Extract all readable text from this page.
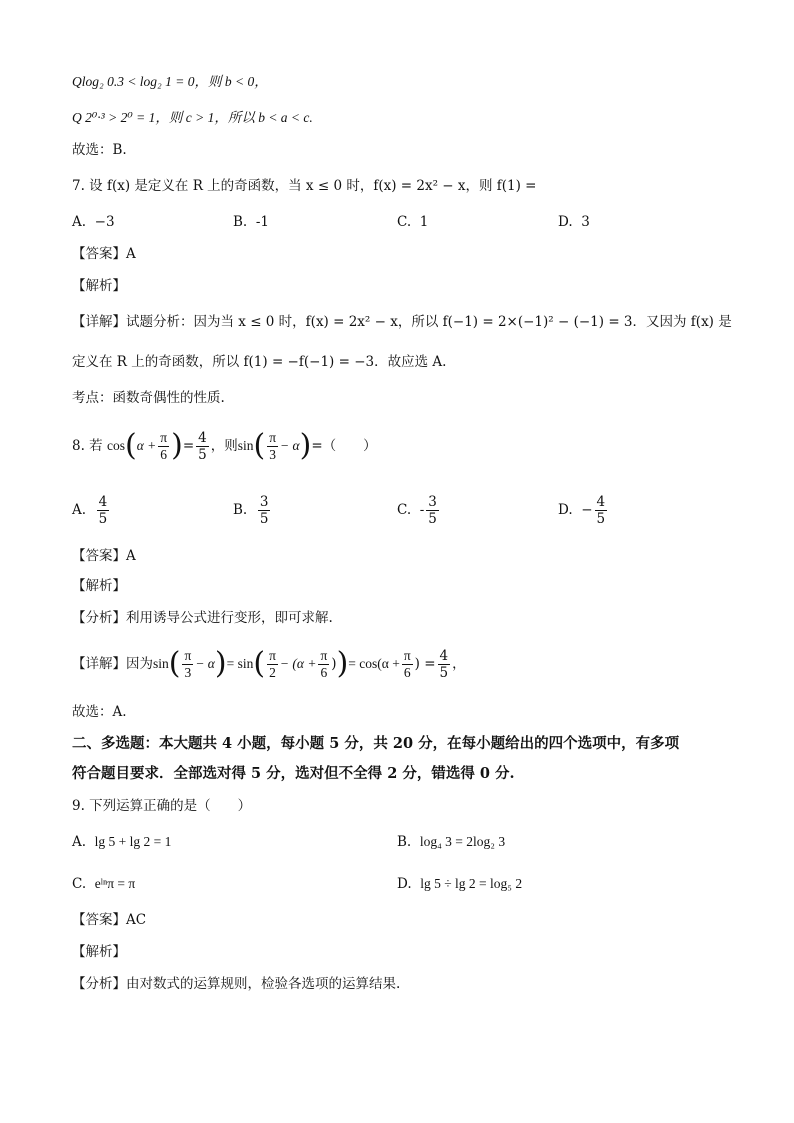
Qlog₂ 0.3 < log₂ 1 = 0，则 b < 0，
Q 2⁰·³ > 2⁰ = 1，则 c > 1，所以 b < a < c.
故选：B.
7. 设 f(x) 是定义在 R 上的奇函数，当 x ≤ 0 时，f(x) = 2x² − x，则 f(1) =
A. −3	B. -1	C. 1	D. 3
【答案】A
【解析】
【详解】试题分析：因为当 x ≤ 0 时，f(x) = 2x² − x，所以 f(−1) = 2×(−1)² − (−1) = 3．又因为 f(x) 是
定义在 R 上的奇函数，所以 f(1) = −f(−1) = −3．故应选 A.
考点：函数奇偶性的性质.
8. 若
cos ( $\alpha + \frac{\pi}{6}$ ) = $\frac{4}{5}$ ，则 sin ( $\frac{\pi}{3} - \alpha$ ) =（　　）
A.
$\frac{4}{5}$	B.
$\frac{3}{5}$	C.
- $\frac{3}{5}$	D.
− $\frac{4}{5}$
【答案】A
【解析】
【分析】利用诱导公式进行变形，即可求解.
【详解】因为 sin ( $\frac{\pi}{3} - \alpha$ ) = sin ( $\frac{\pi}{2} - (\alpha + \frac{\pi}{6}$ ) ) = $\cos(\alpha + \frac{\pi}{6}$ ) = $\frac{4}{5}$ ，
故选：A.
二、多选题：本大题共 4 小题，每小题 5 分，共 20 分，在每小题给出的四个选项中，有多项
符合题目要求．全部选对得 5 分，选对但不全得 2 分，错选得 0 分.
9. 下列运算正确的是（　　）
A. lg 5 + lg 2 = 1	B. log₄ 3 = 2log₂ 3
C. eˡⁿπ = π	D. lg 5 ÷ lg 2 = log₅ 2
【答案】AC
【解析】
【分析】由对数式的运算规则，检验各选项的运算结果.
